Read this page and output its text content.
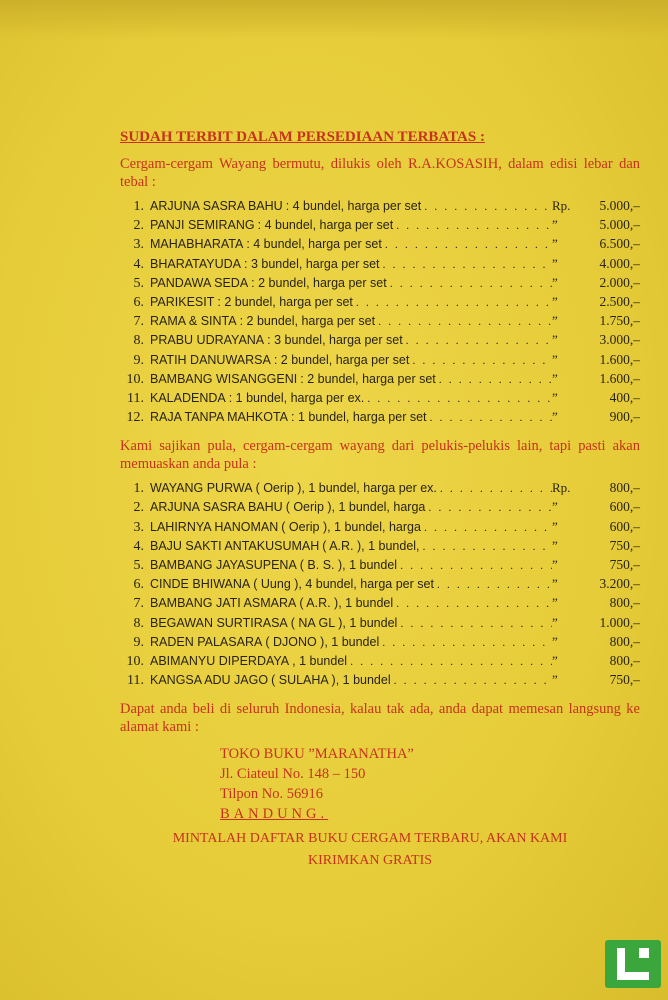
SUDAH TERBIT DALAM PERSEDIAAN TERBATAS :
Cergam-cergam Wayang bermutu, dilukis oleh R.A.KOSASIH, dalam edisi lebar dan tebal :
1. ARJUNA SASRA BAHU : 4 bundel, harga per set . . .	Rp.	5.000,–
2. PANJI SEMIRANG : 4 bundel, harga per set . . .	”	5.000,–
3. MAHABHARATA : 4 bundel, harga per set . . .	”	6.500,–
4. BHARATAYUDA : 3 bundel, harga per set . . .	”	4.000,–
5. PANDAWA SEDA : 2 bundel, harga per set . . .	”	2.000,–
6. PARIKESIT : 2 bundel, harga per set . . .	”	2.500,–
7. RAMA & SINTA : 2 bundel, harga per set . . .	”	1.750,–
8. PRABU UDRAYANA : 3 bundel, harga per set . . .	”	3.000,–
9. RATIH DANUWARSA : 2 bundel, harga per set . . .	”	1.600,–
10. BAMBANG WISANGGENI : 2 bundel, harga per set . . .	”	1.600,–
11. KALADENDA : 1 bundel, harga per ex. . . .	”	400,–
12. RAJA TANPA MAHKOTA : 1 bundel, harga per set . . .	”	900,–
Kami sajikan pula, cergam-cergam wayang dari pelukis-pelukis lain, tapi pasti akan memuaskan anda pula :
1. WAYANG PURWA ( Oerip ), 1 bundel, harga per ex. . . .	Rp.	800,–
2. ARJUNA SASRA BAHU ( Oerip ), 1 bundel, harga . . .	”	600,–
3. LAHIRNYA HANOMAN ( Oerip ), 1 bundel, harga . . .	”	600,–
4. BAJU SAKTI ANTAKUSUMAH ( A.R. ), 1 bundel, . . .	”	750,–
5. BAMBANG JAYASUPENA ( B. S. ), 1 bundel . . .	”	750,–
6. CINDE BHIWANA ( Uung ), 4 bundel, harga per set . . .	”	3.200,–
7. BAMBANG JATI ASMARA ( A.R. ), 1 bundel . . .	”	800,–
8. BEGAWAN SURTIRASA ( NA GL ), 1 bundel . . .	”	1.000,–
9. RADEN PALASARA ( DJONO ), 1 bundel . . .	”	800,–
10. ABIMANYU DIPERDAYA , 1 bundel . . .	”	800,–
11. KANGSA ADU JAGO ( SULAHA ), 1 bundel . . .	”	750,–
Dapat anda beli di seluruh Indonesia, kalau tak ada, anda dapat memesan langsung ke alamat kami :
TOKO BUKU ”MARANATHA”
Jl. Ciateul No. 148 – 150
Tilpon No. 56916
BANDUNG.
MINTALAH DAFTAR BUKU CERGAM TERBARU, AKAN KAMI
KIRIMKAN GRATIS
